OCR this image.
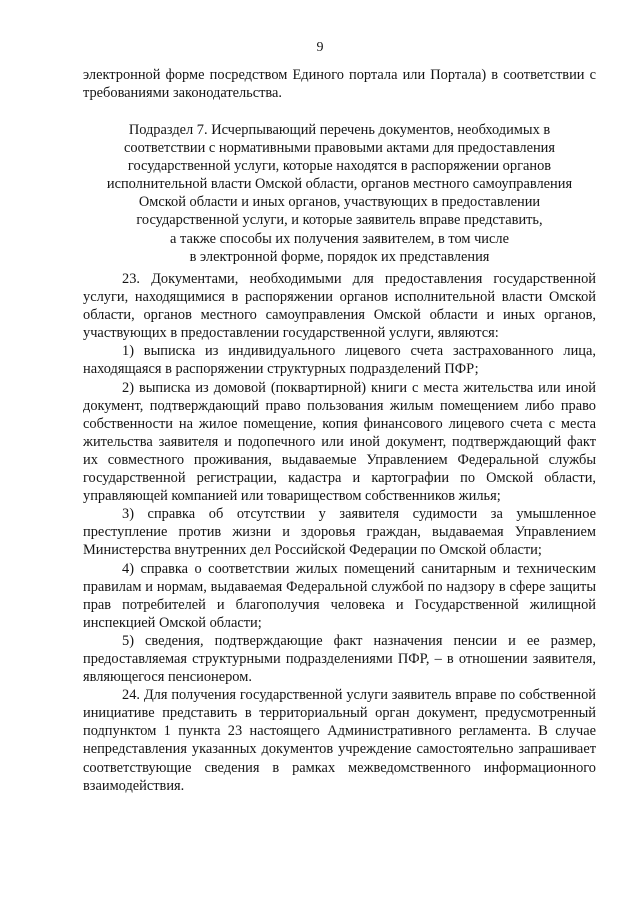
9

электронной форме посредством Единого портала или Портала) в соответствии с требованиями законодательства.

Подраздел 7. Исчерпывающий перечень документов, необходимых в
соответствии с нормативными правовыми актами для предоставления
государственной услуги, которые находятся в распоряжении органов
исполнительной власти Омской области, органов местного самоуправления
Омской области и иных органов, участвующих в предоставлении
государственной услуги, и которые заявитель вправе представить,
а также способы их получения заявителем, в том числе
в электронной форме, порядок их представления

23. Документами, необходимыми для предоставления государственной услуги, находящимися в распоряжении органов исполнительной власти Омской области, органов местного самоуправления Омской области и иных органов, участвующих в предоставлении государственной услуги, являются:

1) выписка из индивидуального лицевого счета застрахованного лица, находящаяся в распоряжении структурных подразделений ПФР;

2) выписка из домовой (поквартирной) книги с места жительства или иной документ, подтверждающий право пользования жилым помещением либо право собственности на жилое помещение, копия финансового лицевого счета с места жительства заявителя и подопечного или иной документ, подтверждающий факт их совместного проживания, выдаваемые Управлением Федеральной службы государственной регистрации, кадастра и картографии по Омской области, управляющей компанией или товариществом собственников жилья;

3) справка об отсутствии у заявителя судимости за умышленное преступление против жизни и здоровья граждан, выдаваемая Управлением Министерства внутренних дел Российской Федерации по Омской области;

4) справка о соответствии жилых помещений санитарным и техническим правилам и нормам, выдаваемая Федеральной службой по надзору в сфере защиты прав потребителей и благополучия человека и Государственной жилищной инспекцией Омской области;

5) сведения, подтверждающие факт назначения пенсии и ее размер, предоставляемая структурными подразделениями ПФР, – в отношении заявителя, являющегося пенсионером.

24. Для получения государственной услуги заявитель вправе по собственной инициативе представить в территориальный орган документ, предусмотренный подпунктом 1 пункта 23 настоящего Административного регламента. В случае непредставления указанных документов учреждение самостоятельно запрашивает соответствующие сведения в рамках межведомственного информационного взаимодействия.
